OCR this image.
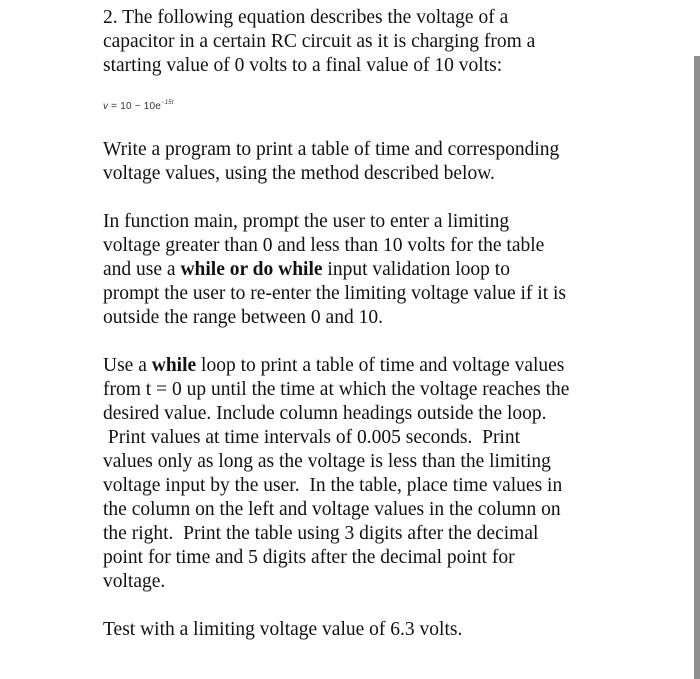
2. The following equation describes the voltage of a
capacitor in a certain RC circuit as it is charging from a
starting value of 0 volts to a final value of 10 volts:

$v = 10 - 10e^{-15t}$

Write a program to print a table of time and corresponding
voltage values, using the method described below.

In function main, prompt the user to enter a limiting
voltage greater than 0 and less than 10 volts for the table
and use a while or do while input validation loop to
prompt the user to re-enter the limiting voltage value if it is
outside the range between 0 and 10.

Use a while loop to print a table of time and voltage values
from t = 0 up until the time at which the voltage reaches the
desired value. Include column headings outside the loop.
Print values at time intervals of 0.005 seconds.  Print
values only as long as the voltage is less than the limiting
voltage input by the user.  In the table, place time values in
the column on the left and voltage values in the column on
the right.  Print the table using 3 digits after the decimal
point for time and 5 digits after the decimal point for
voltage.

Test with a limiting voltage value of 6.3 volts.
